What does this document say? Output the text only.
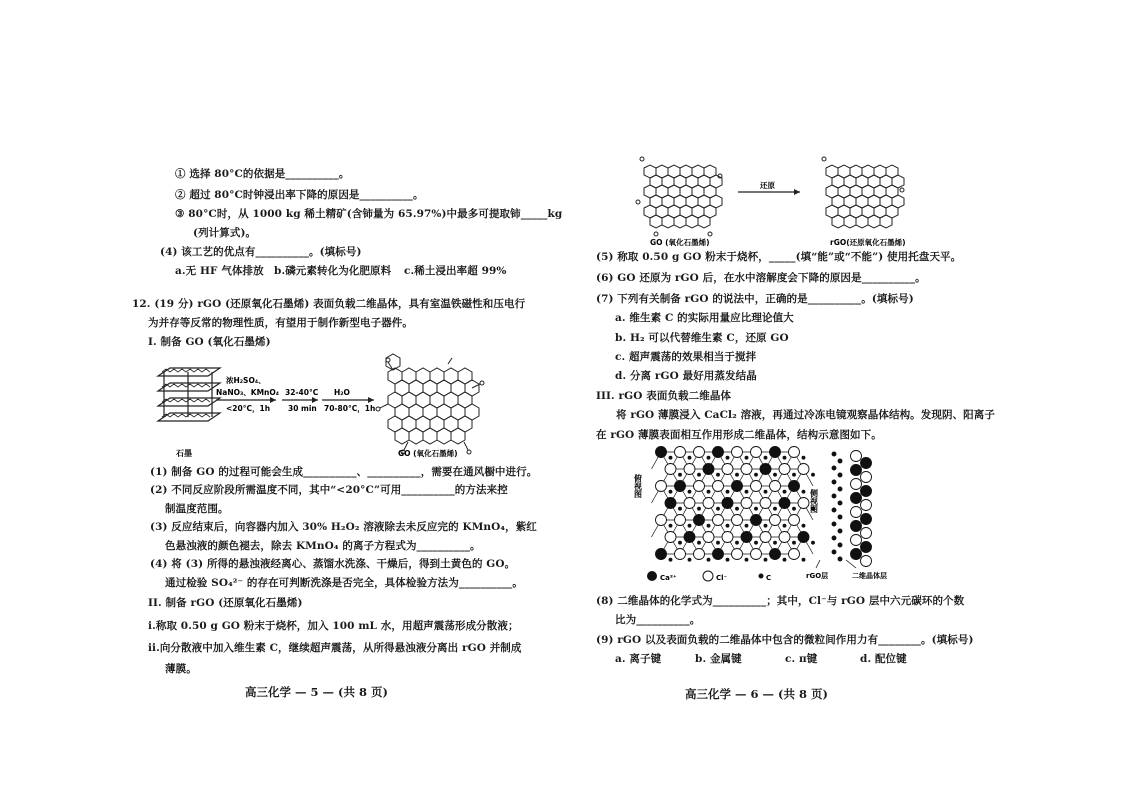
① 选择 80°C的依据是__________。
② 超过 80°C时钟浸出率下降的原因是__________。
③ 80°C时，从 1000 kg 稀土精矿(含铈量为 65.97%)中最多可提取铈_____kg
(列计算式)。
(4) 该工艺的优点有__________。(填标号)
a.无 HF 气体排放 b.磷元素转化为化肥原料 c.稀土浸出率超 99%
12. (19 分) rGO (还原氧化石墨烯) 表面负载二维晶体，具有室温铁磁性和压电行
为并存等反常的物理性质，有望用于制作新型电子器件。
I. 制备 GO (氧化石墨烯)
石墨
浓H₂SO₄、
NaNO₃、KMnO₄
<20°C，1h
32-40°C
30 min
H₂O
70-80°C，1h
GO (氧化石墨烯)
(1) 制备 GO 的过程可能会生成__________、__________，需要在通风橱中进行。
(2) 不同反应阶段所需温度不同，其中“<20°C”可用__________的方法来控
制温度范围。
(3) 反应结束后，向容器内加入 30% H₂O₂ 溶液除去未反应完的 KMnO₄，紫红
色悬浊液的颜色褪去，除去 KMnO₄ 的离子方程式为__________。
(4) 将 (3) 所得的悬浊液经离心、蒸馏水洗涤、干燥后，得到土黄色的 GO。
通过检验 SO₄²⁻ 的存在可判断洗涤是否完全，具体检验方法为__________。
II. 制备 rGO (还原氧化石墨烯)
ⅰ.称取 0.50 g GO 粉末于烧杯，加入 100 mL 水，用超声震荡形成分散液；
ⅱ.向分散液中加入维生素 C，继续超声震荡，从所得悬浊液分离出 rGO 并制成
薄膜。
高三化学 — 5 — (共 8 页)
还原
GO (氧化石墨烯)	rGO(还原氧化石墨烯)
(5) 称取 0.50 g GO 粉末于烧杯，_____(填“能”或“不能”) 使用托盘天平。
(6) GO 还原为 rGO 后，在水中溶解度会下降的原因是__________。
(7) 下列有关制备 rGO 的说法中，正确的是__________。(填标号)
a. 维生素 C 的实际用量应比理论值大
b. H₂ 可以代替维生素 C，还原 GO
c. 超声震荡的效果相当于搅拌
d. 分离 rGO 最好用蒸发结晶
III. rGO 表面负载二维晶体
将 rGO 薄膜浸入 CaCl₂ 溶液，再通过冷冻电镜观察晶体结构。发现阴、阳离子
在 rGO 薄膜表面相互作用形成二维晶体，结构示意图如下。
俯视图
侧视图
Ca²⁺	Cl⁻	C	rGO层	二维晶体层
(8) 二维晶体的化学式为__________；其中，Cl⁻与 rGO 层中六元碳环的个数
比为__________。
(9) rGO 以及表面负载的二维晶体中包含的微粒间作用力有________。(填标号)
a. 离子键	b. 金属键	c. π键	d. 配位键
高三化学 — 6 — (共 8 页)
